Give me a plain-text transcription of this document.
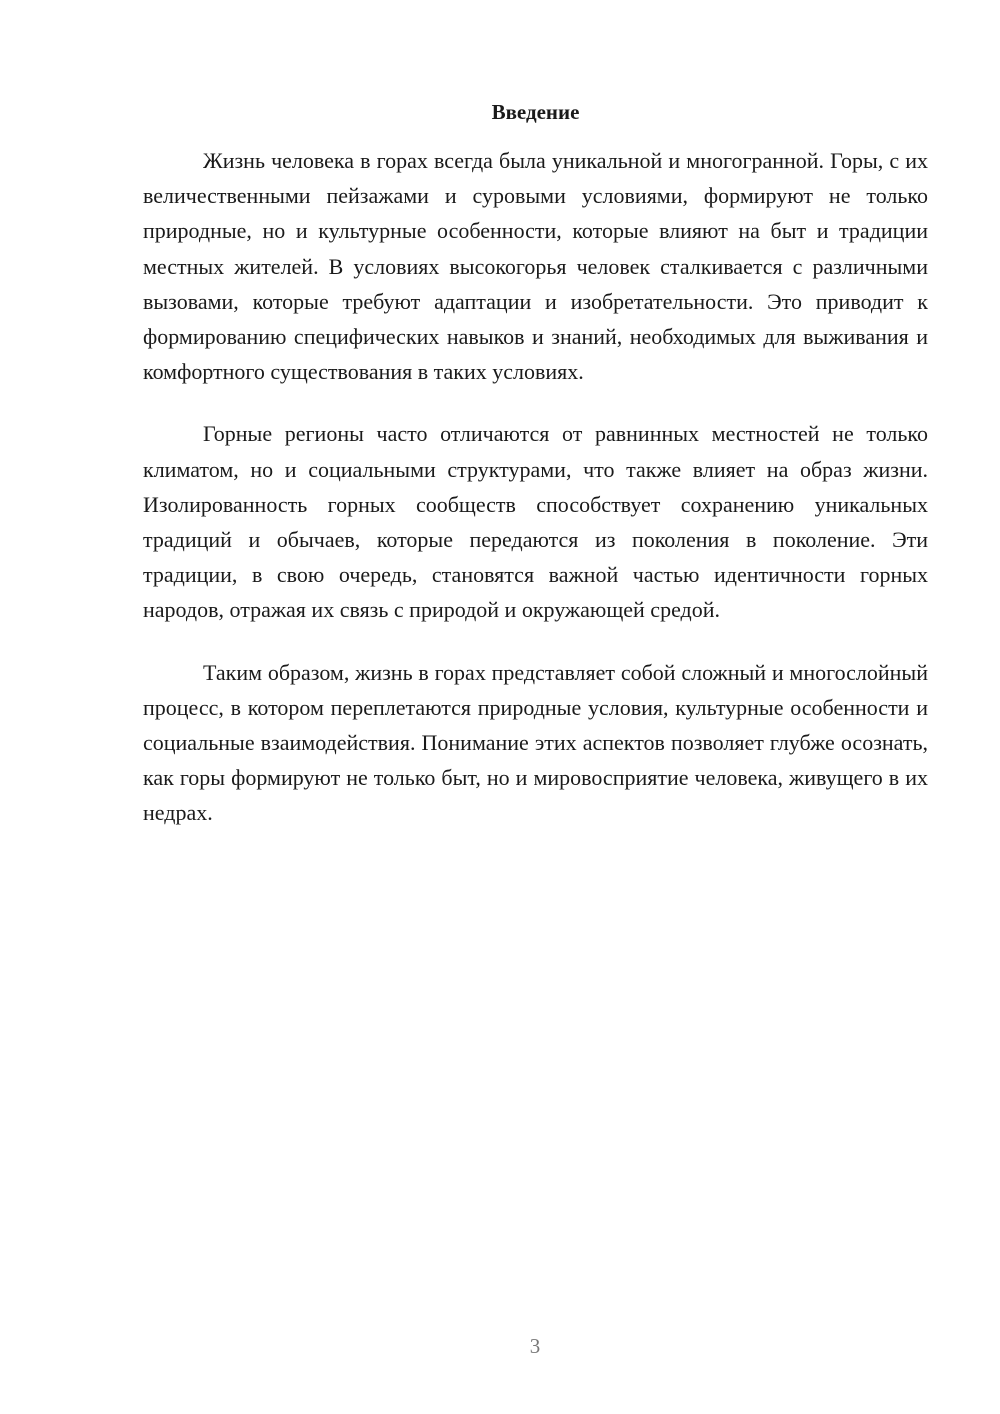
Введение

Жизнь человека в горах всегда была уникальной и многогранной. Горы, с их величественными пейзажами и суровыми условиями, формируют не только природные, но и культурные особенности, которые влияют на быт и традиции местных жителей. В условиях высокогорья человек сталкивается с различными вызовами, которые требуют адаптации и изобретательности. Это приводит к формированию специфических навыков и знаний, необходимых для выживания и комфортного существования в таких условиях.

Горные регионы часто отличаются от равнинных местностей не только климатом, но и социальными структурами, что также влияет на образ жизни. Изолированность горных сообществ способствует сохранению уникальных традиций и обычаев, которые передаются из поколения в поколение. Эти традиции, в свою очередь, становятся важной частью идентичности горных народов, отражая их связь с природой и окружающей средой.

Таким образом, жизнь в горах представляет собой сложный и многослойный процесс, в котором переплетаются природные условия, культурные особенности и социальные взаимодействия. Понимание этих аспектов позволяет глубже осознать, как горы формируют не только быт, но и мировосприятие человека, живущего в их недрах.

3
